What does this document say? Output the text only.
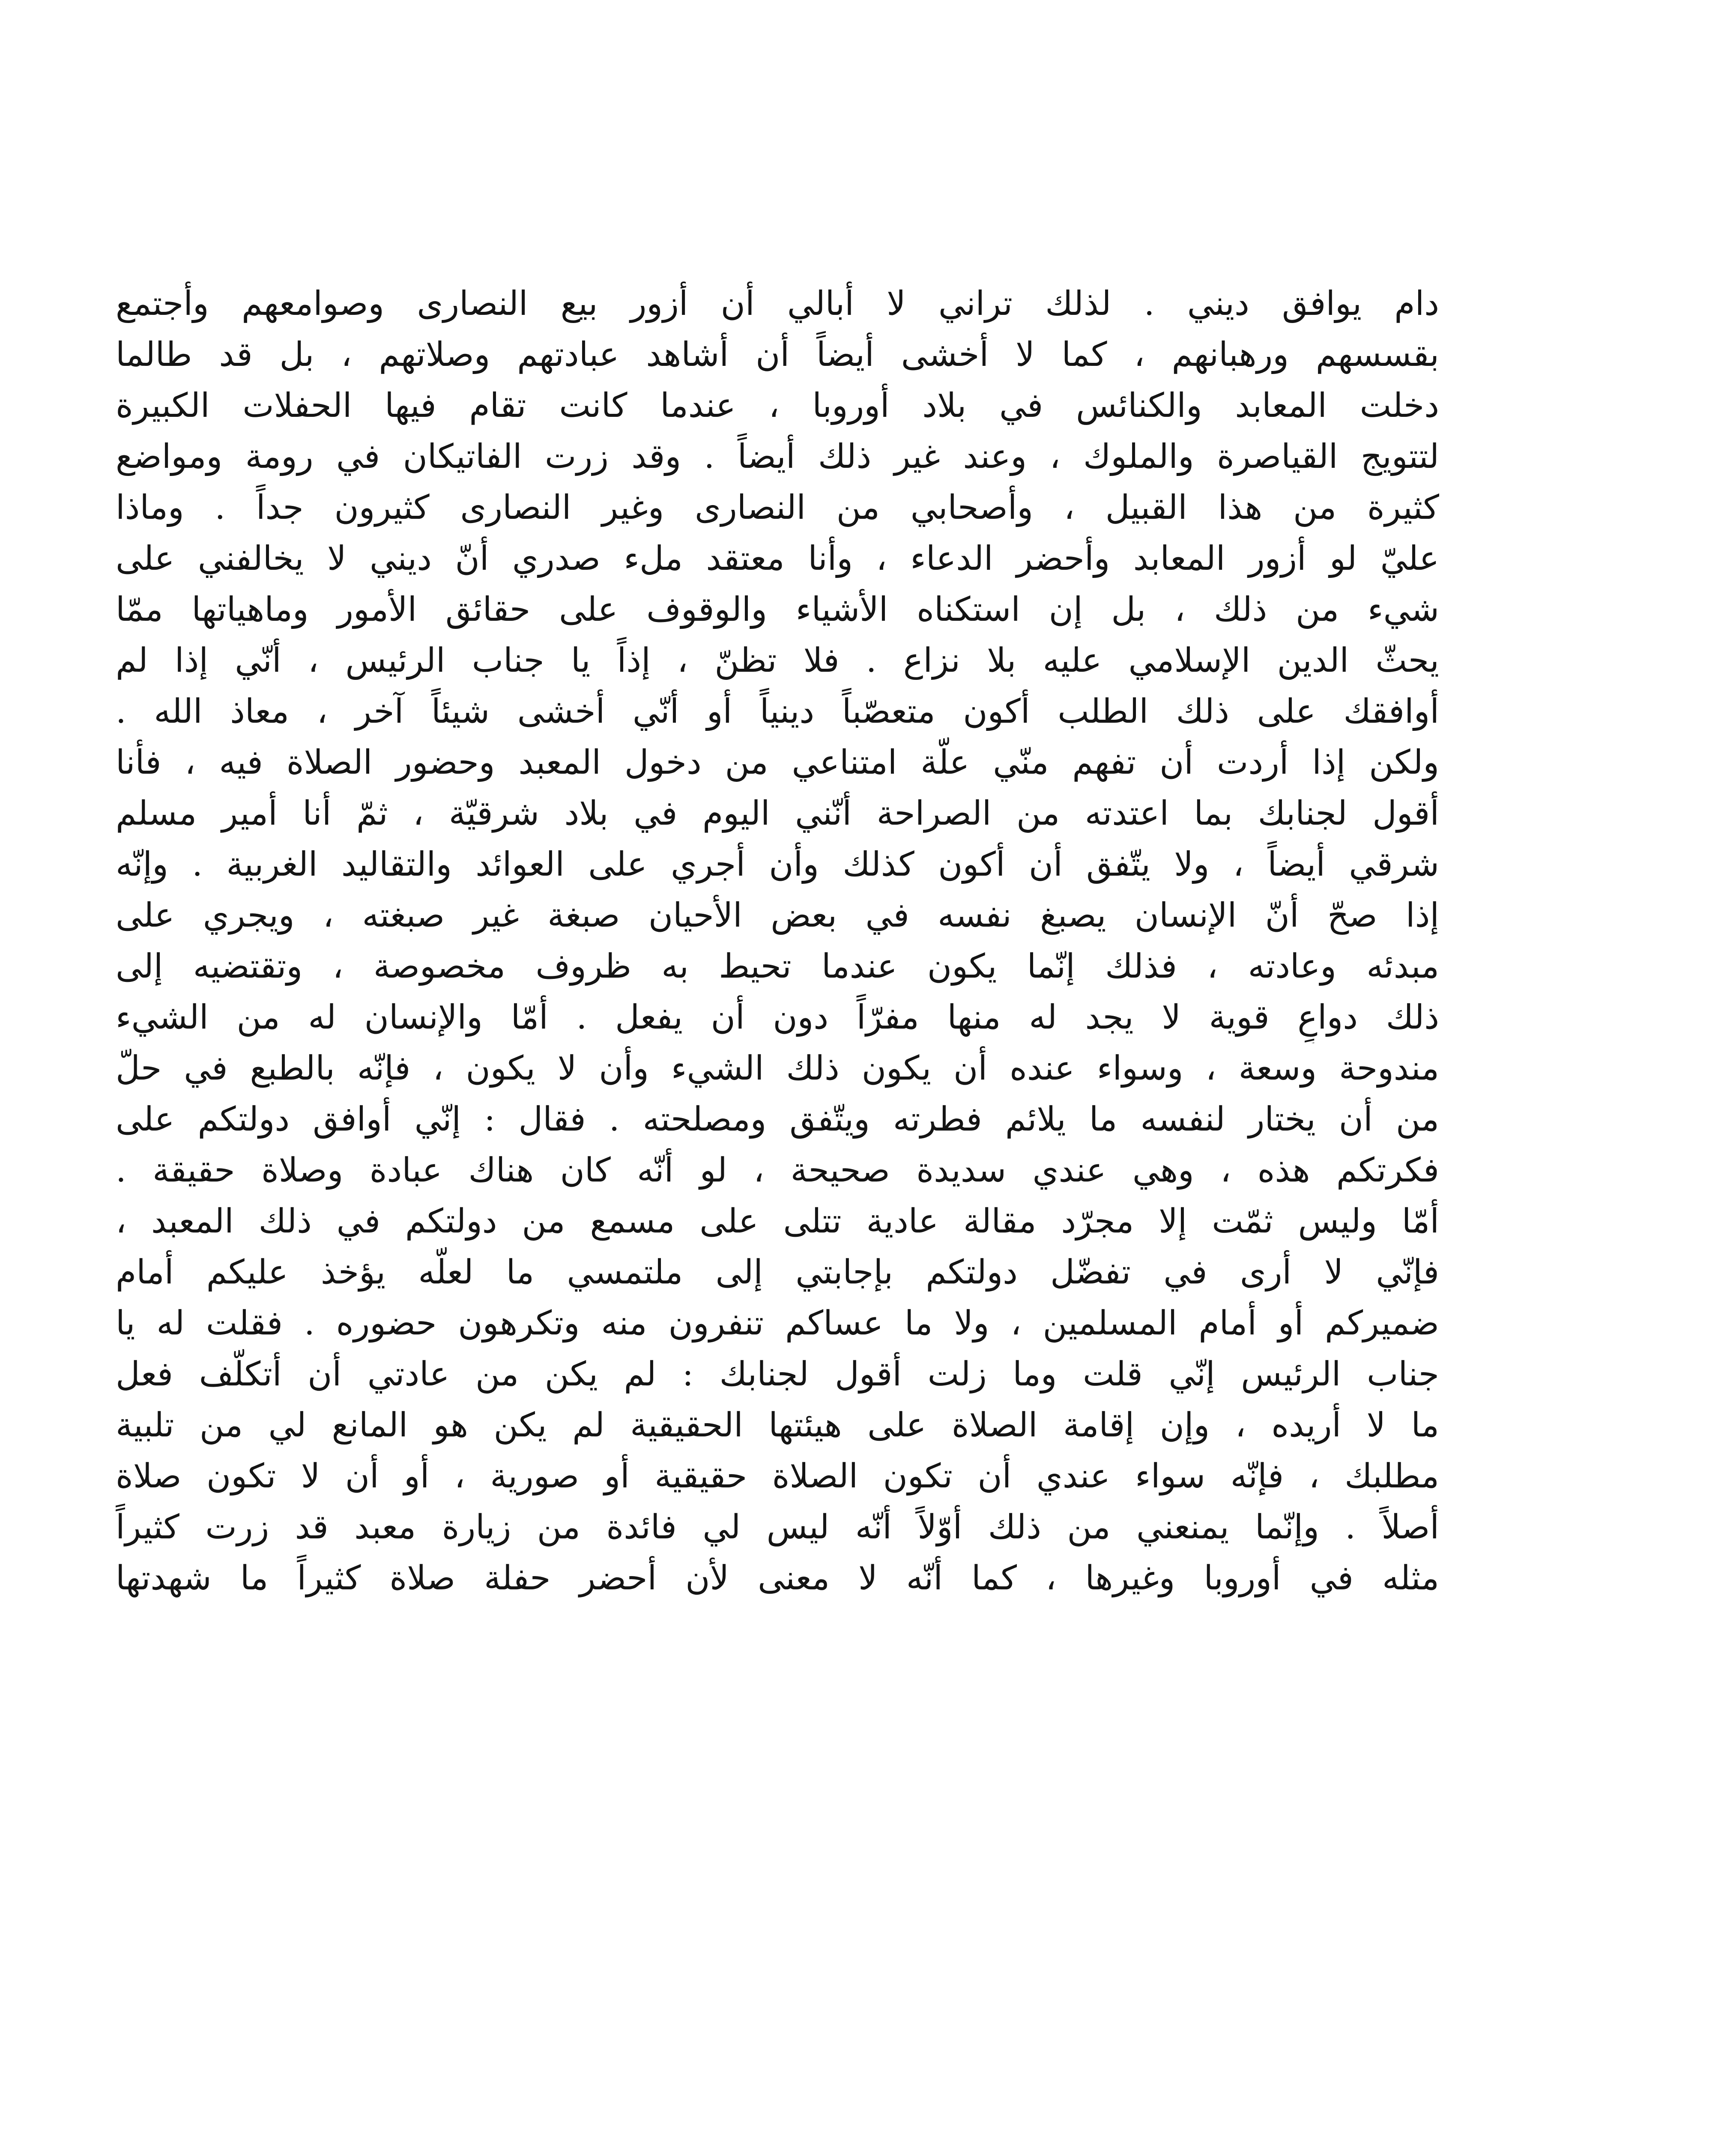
دام يوافق ديني . لذلك تراني لا أبالي أن أزور بيع النصارى وصوامعهم وأجتمع
بقسسهم ورهبانهم ، كما لا أخشى أيضاً أن أشاهد عبادتهم وصلاتهم ، بل قد طالما
دخلت المعابد والكنائس في بلاد أوروبا ، عندما كانت تقام فيها الحفلات الكبيرة
لتتويج القياصرة والملوك ، وعند غير ذلك أيضاً . وقد زرت الفاتيكان في رومة ومواضع
كثيرة من هذا القبيل ، وأصحابي من النصارى وغير النصارى كثيرون جداً . وماذا
عليّ لو أزور المعابد وأحضر الدعاء ، وأنا معتقد ملء صدري أنّ ديني لا يخالفني على
شيء من ذلك ، بل إن استكناه الأشياء والوقوف على حقائق الأمور وماهياتها ممّا
يحثّ الدين الإسلامي عليه بلا نزاع . فلا تظنّ ، إذاً يا جناب الرئيس ، أنّي إذا لم
أوافقك على ذلك الطلب أكون متعصّباً دينياً أو أنّي أخشى شيئاً آخر ، معاذ الله .
ولكن إذا أردت أن تفهم منّي علّة امتناعي من دخول المعبد وحضور الصلاة فيه ، فأنا
أقول لجنابك بما اعتدته من الصراحة أنّني اليوم في بلاد شرقيّة ، ثمّ أنا أمير مسلم
شرقي أيضاً ، ولا يتّفق أن أكون كذلك وأن أجري على العوائد والتقاليد الغربية . وإنّه
إذا صحّ أنّ الإنسان يصبغ نفسه في بعض الأحيان صبغة غير صبغته ، ويجري على
مبدئه وعادته ، فذلك إنّما يكون عندما تحيط به ظروف مخصوصة ، وتقتضيه إلى
ذلك دواعٍ قوية لا يجد له منها مفرّاً دون أن يفعل . أمّا والإنسان له من الشيء
مندوحة وسعة ، وسواء عنده أن يكون ذلك الشيء وأن لا يكون ، فإنّه بالطبع في حلّ
من أن يختار لنفسه ما يلائم فطرته ويتّفق ومصلحته . فقال : إنّي أوافق دولتكم على
فكرتكم هذه ، وهي عندي سديدة صحيحة ، لو أنّه كان هناك عبادة وصلاة حقيقة .
أمّا وليس ثمّت إلا مجرّد مقالة عادية تتلى على مسمع من دولتكم في ذلك المعبد ،
فإنّي لا أرى في تفضّل دولتكم بإجابتي إلى ملتمسي ما لعلّه يؤخذ عليكم أمام
ضميركم أو أمام المسلمين ، ولا ما عساكم تنفرون منه وتكرهون حضوره . فقلت له يا
جناب الرئيس إنّي قلت وما زلت أقول لجنابك : لم يكن من عادتي أن أتكلّف فعل
ما لا أريده ، وإن إقامة الصلاة على هيئتها الحقيقية لم يكن هو المانع لي من تلبية
مطلبك ، فإنّه سواء عندي أن تكون الصلاة حقيقية أو صورية ، أو أن لا تكون صلاة
أصلاً . وإنّما يمنعني من ذلك أوّلاً أنّه ليس لي فائدة من زيارة معبد قد زرت كثيراً
مثله في أوروبا وغيرها ، كما أنّه لا معنى لأن أحضر حفلة صلاة كثيراً ما شهدتها
